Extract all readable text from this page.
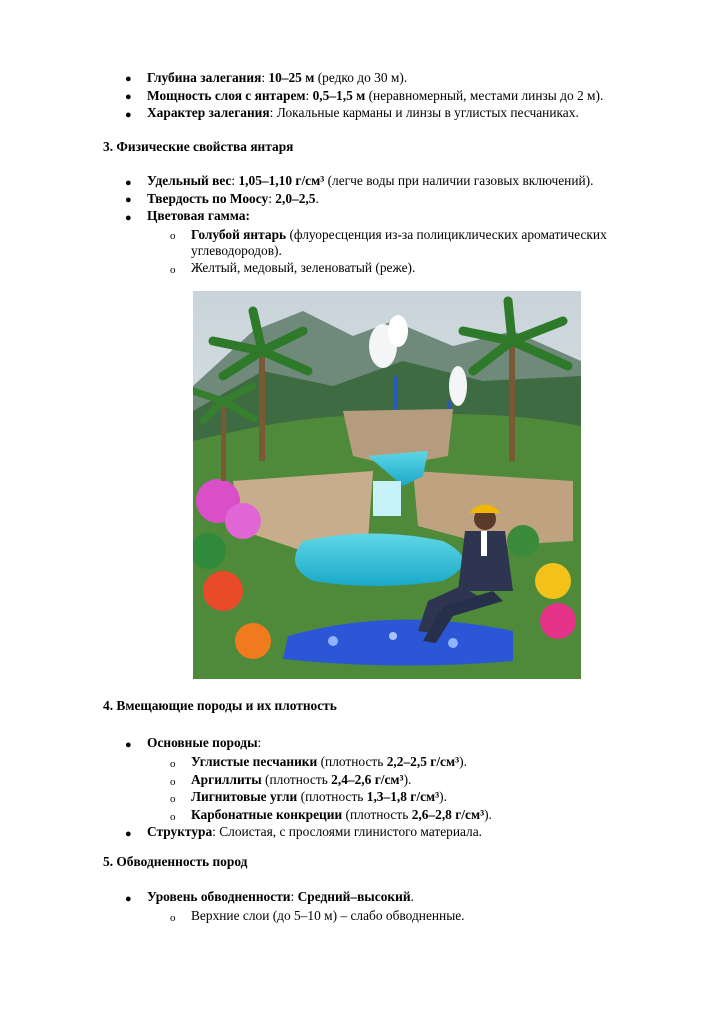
● Глубина залегания: 10–25 м (редко до 30 м).
● Мощность слоя с янтарем: 0,5–1,5 м (неравномерный, местами линзы до 2 м).
● Характер залегания: Локальные карманы и линзы в углистых песчаниках.
3. Физические свойства янтаря
● Удельный вес: 1,05–1,10 г/см³ (легче воды при наличии газовых включений).
● Твердость по Моосу: 2,0–2,5.
● Цветовая гамма:
o Голубой янтарь (флуоресценция из-за полициклических ароматических
углеводородов).
o Желтый, медовый, зеленоватый (реже).
4. Вмещающие породы и их плотность
● Основные породы:
o Углистые песчаники (плотность 2,2–2,5 г/см³).
o Аргиллиты (плотность 2,4–2,6 г/см³).
o Лигнитовые угли (плотность 1,3–1,8 г/см³).
o Карбонатные конкреции (плотность 2,6–2,8 г/см³).
● Структура: Слоистая, с прослоями глинистого материала.
5. Обводненность пород
● Уровень обводненности: Средний–высокий.
o Верхние слои (до 5–10 м) – слабо обводненные.
